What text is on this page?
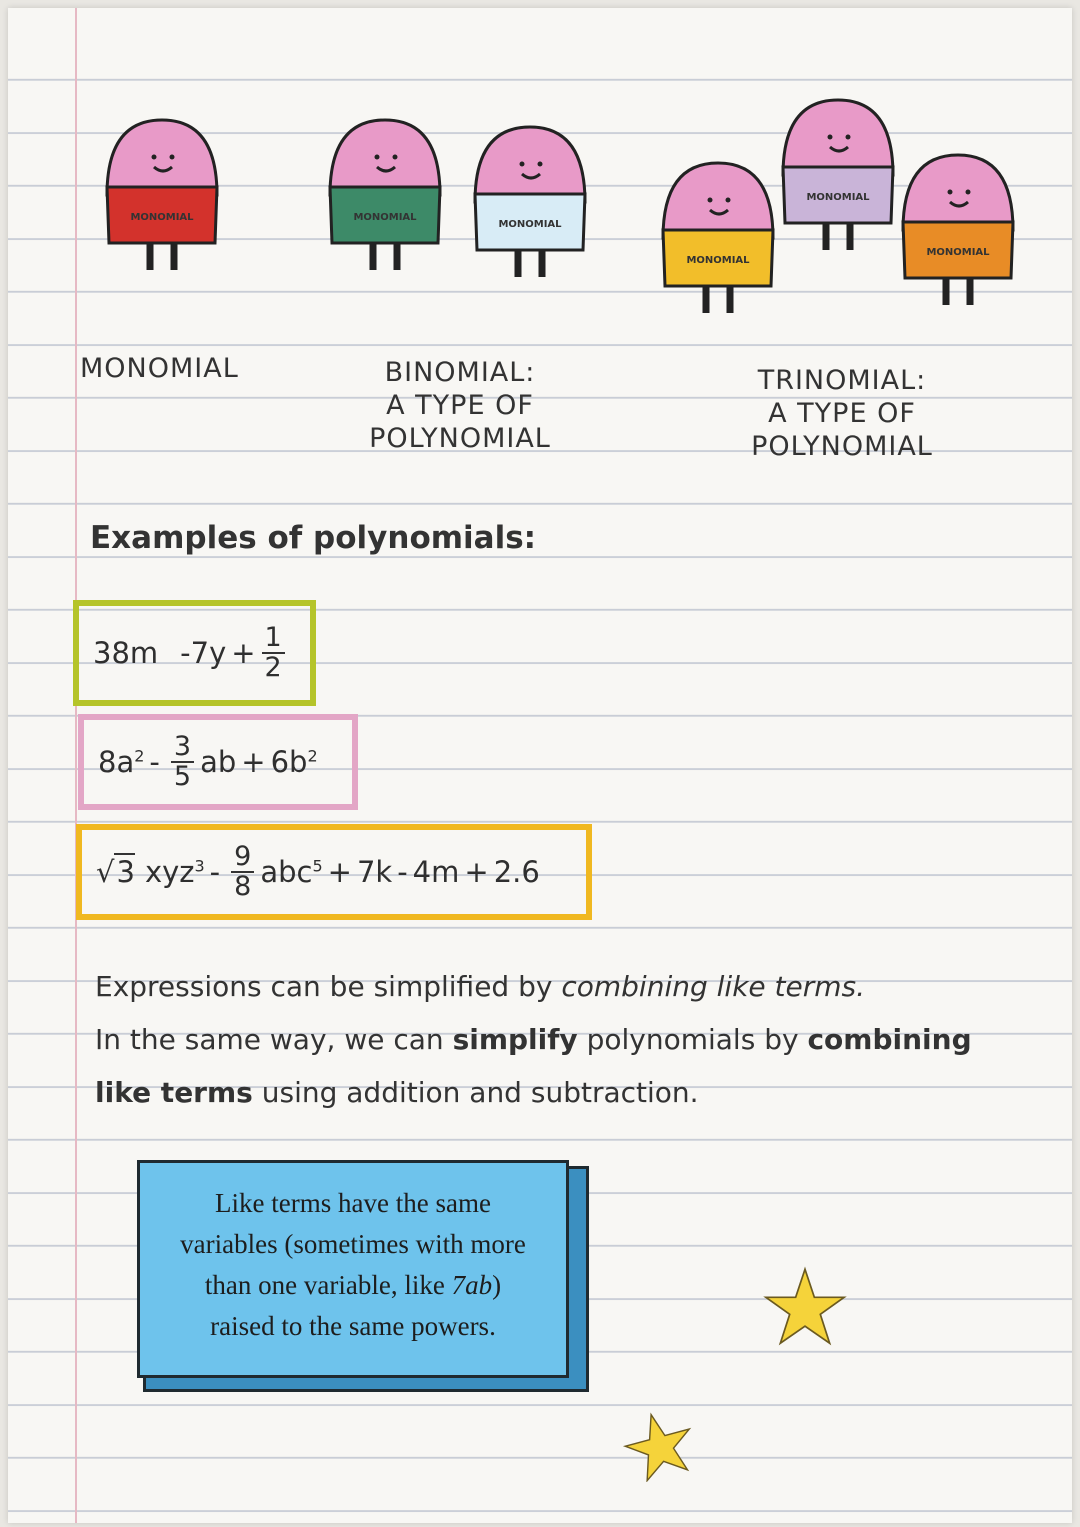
MONOMIAL	MONOMIAL
MONOMIAL
MONOMIAL
MONOMIAL
MONOMIAL
MONOMIAL	BINOMIAL:
A TYPE OF
POLYNOMIAL
TRINOMIAL:
A TYPE OF
POLYNOMIAL
Examples of polynomials:
38m $-7y + \frac{1}{2}$
$8a^2 - \frac{3}{5}$ ab + $6b^2$
√3 $xyz^3 - \frac{9}{8} abc^5 + 7k - 4m + 2.6$
Expressions can be simplified by combining like terms.
In the same way, we can simplify polynomials by combining
like terms using addition and subtraction.
Like terms have the same
variables (sometimes with more
than one variable, like 7ab)
raised to the same powers.
